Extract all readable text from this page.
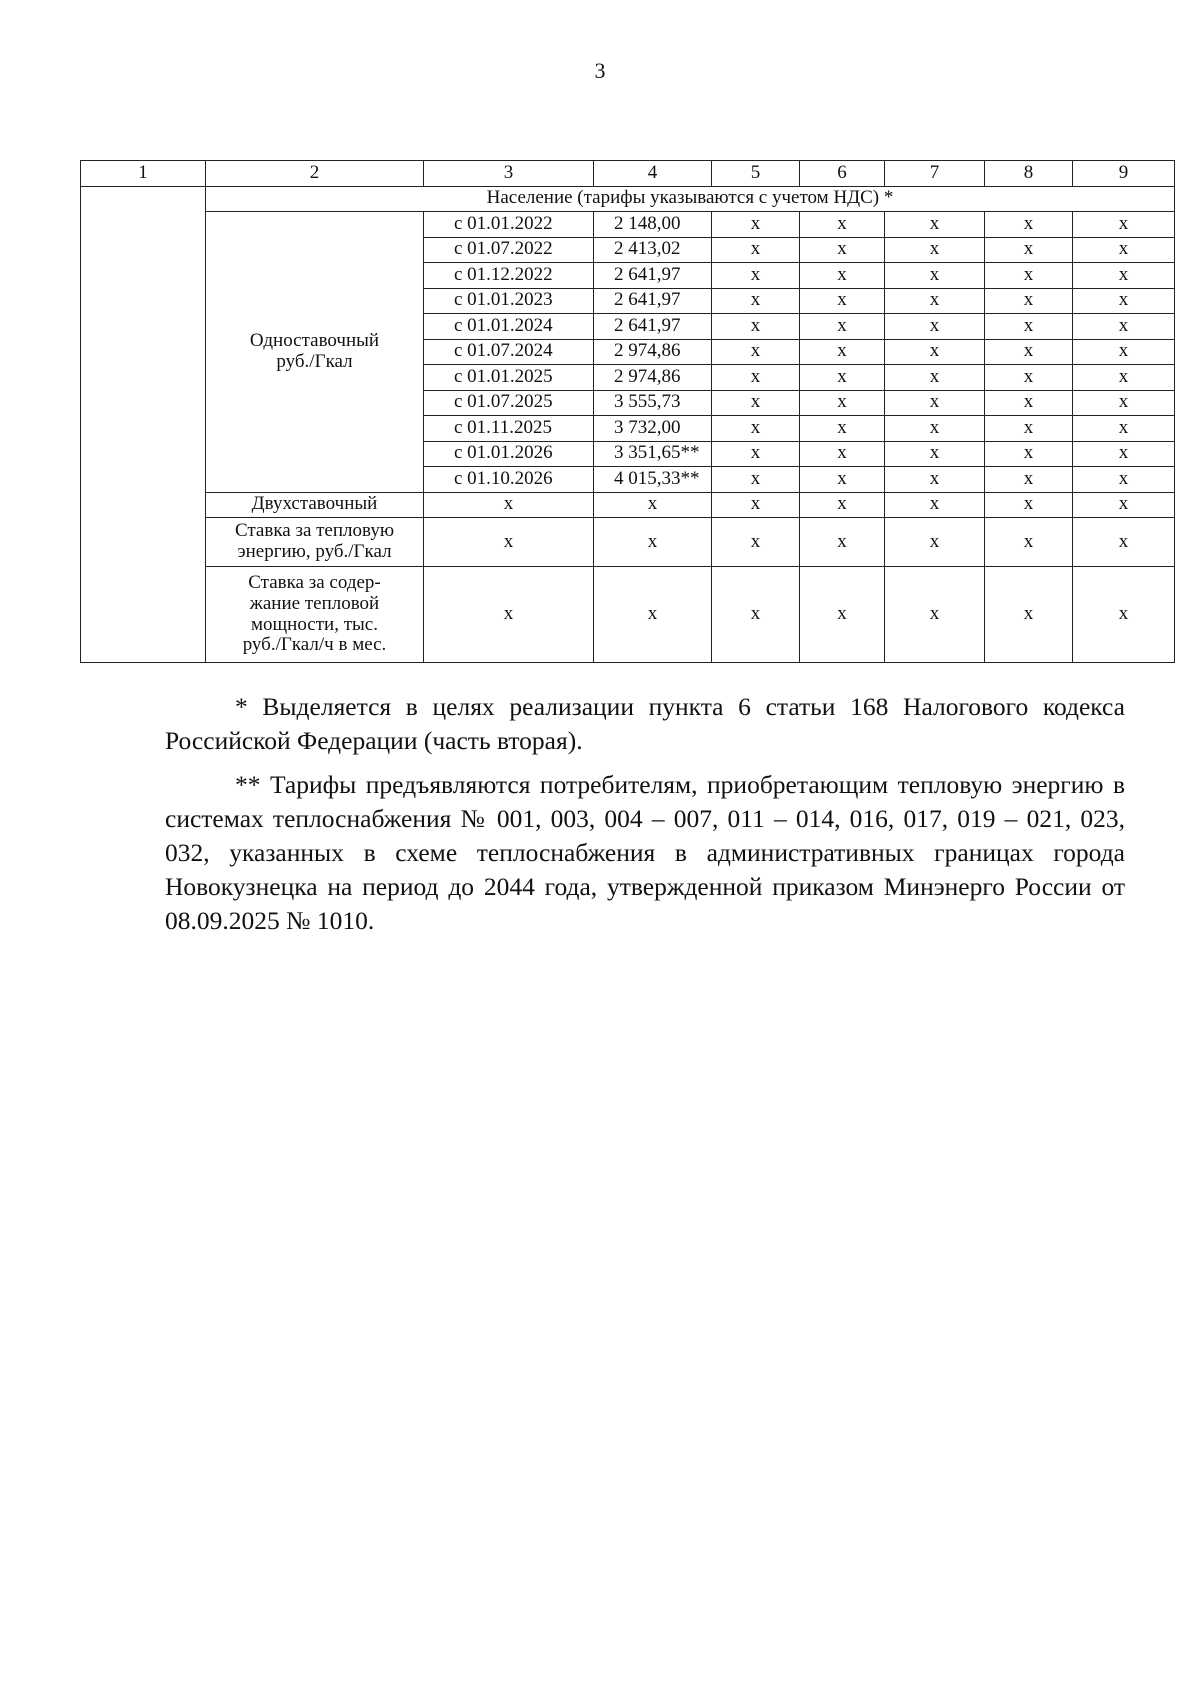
3
1	2	3	4	5	6	7	8	9
	Население (тарифы указываются с учетом НДС) *							

	Одноставочный
руб./Гкал	с 01.01.2022	2 148,00	х	х	х	х	х
		с 01.07.2022	2 413,02	х	х	х	х	х
		с 01.12.2022	2 641,97	х	х	х	х	х
		с 01.01.2023	2 641,97	х	х	х	х	х
		с 01.01.2024	2 641,97	х	х	х	х	х
		с 01.07.2024	2 974,86	х	х	х	х	х
		с 01.01.2025	2 974,86	х	х	х	х	х
		с 01.07.2025	3 555,73	х	х	х	х	х
		с 01.11.2025	3 732,00	х	х	х	х	х
		с 01.01.2026	3 351,65**	х	х	х	х	х
		с 01.10.2026	4 015,33**	х	х	х	х	х

	Двухставочный	х	х	х	х	х	х	х

	Ставка за тепловую
энергию, руб./Гкал	х	х	х	х	х	х	х

	Ставка за содер-
жание тепловой
мощности, тыс.
руб./Гкал/ч в мес.	х	х	х	х	х	х	х

* Выделяется в целях реализации пункта 6 статьи 168 Налогового кодекса Российской Федерации (часть вторая).

** Тарифы предъявляются потребителям, приобретающим тепловую энергию в системах теплоснабжения № 001, 003, 004 – 007, 011 – 014, 016, 017, 019 – 021, 023, 032, указанных в схеме теплоснабжения в административных границах города Новокузнецка на период до 2044 года, утвержденной приказом Минэнерго России от 08.09.2025 № 1010.
